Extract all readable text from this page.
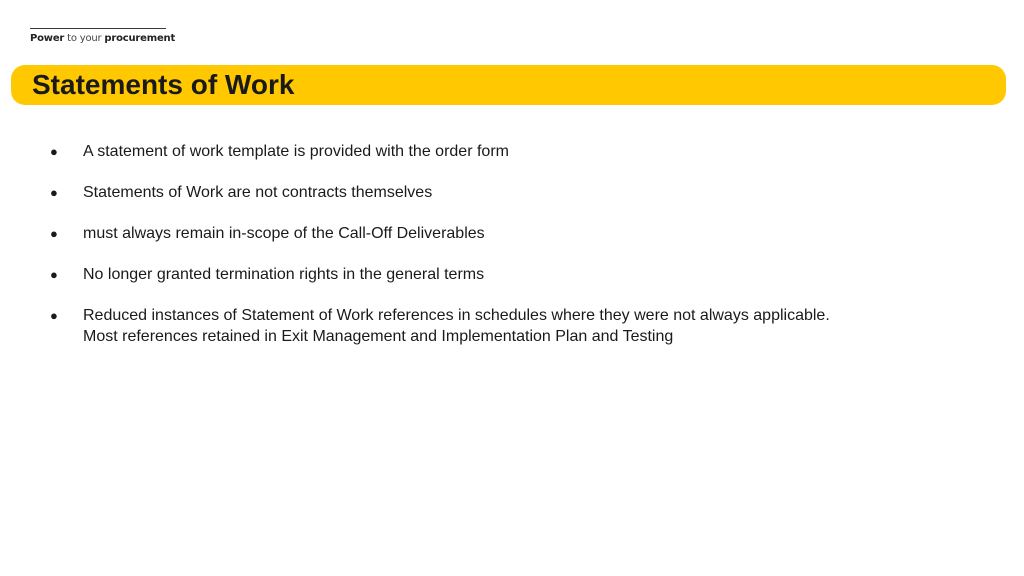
Power to your procurement
Statements of Work
● A statement of work template is provided with the order form
● Statements of Work are not contracts themselves
● must always remain in-scope of the Call-Off Deliverables
● No longer granted termination rights in the general terms
● Reduced instances of Statement of Work references in schedules where they were not always applicable. Most references retained in Exit Management and Implementation Plan and Testing
